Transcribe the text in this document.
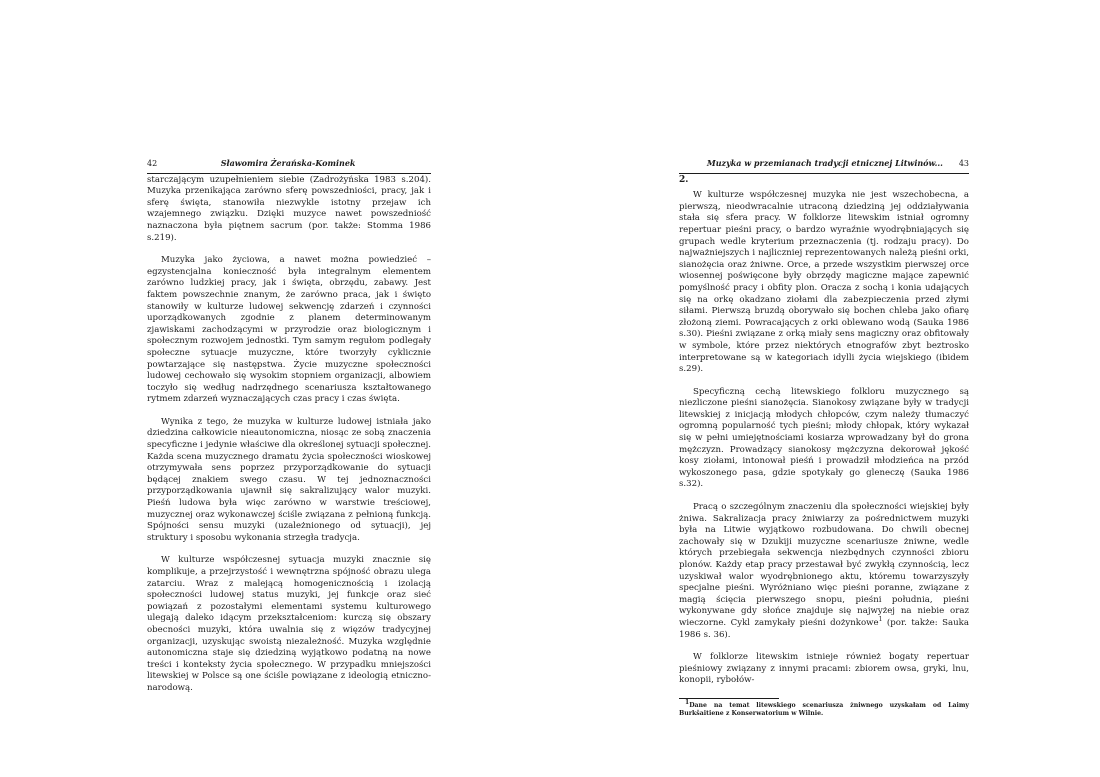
42	Sławomira Żerańska-Kominek

starczającym uzupełnieniem siebie (Zadrożyńska 1983 s.204). Muzyka przenikająca zarówno sferę powszedniości, pracy, jak i sferę święta, stanowiła niezwykle istotny przejaw ich wzajemnego związku. Dzięki muzyce nawet powszedniość naznaczona była piętnem sacrum (por. także: Stomma 1986 s.219).

Muzyka jako życiowa, a nawet można powiedzieć – egzystencjalna konieczność była integralnym elementem zarówno ludzkiej pracy, jak i święta, obrzędu, zabawy. Jest faktem powszechnie znanym, że zarówno praca, jak i święto stanowiły w kulturze ludowej sekwencję zdarzeń i czynności uporządkowanych zgodnie z planem determinowanym zjawiskami zachodzącymi w przyrodzie oraz biologicznym i społecznym rozwojem jednostki. Tym samym regułom podlegały społeczne sytuacje muzyczne, które tworzyły cyklicznie powtarzające się następstwa. Życie muzyczne społeczności ludowej cechowało się wysokim stopniem organizacji, albowiem toczyło się według nadrzędnego scenariusza kształtowanego rytmem zdarzeń wyznaczających czas pracy i czas święta.

Wynika z tego, że muzyka w kulturze ludowej istniała jako dziedzina całkowicie nieautonomiczna, niosąc ze sobą znaczenia specyficzne i jedynie właściwe dla określonej sytuacji społecznej. Każda scena muzycznego dramatu życia społeczności wioskowej otrzymywała sens poprzez przyporządkowanie do sytuacji będącej znakiem swego czasu. W tej jednoznaczności przyporządkowania ujawnił się sakralizujący walor muzyki. Pieśń ludowa była więc zarówno w warstwie treściowej, muzycznej oraz wykonawczej ściśle związana z pełnioną funkcją. Spójności sensu muzyki (uzależnionego od sytuacji), jej struktury i sposobu wykonania strzegła tradycja.

W kulturze współczesnej sytuacja muzyki znacznie się komplikuje, a przejrzystość i wewnętrzna spójność obrazu ulega zatarciu. Wraz z malejącą homogenicznością i izolacją społeczności ludowej status muzyki, jej funkcje oraz sieć powiązań z pozostałymi elementami systemu kulturowego ulegają daleko idącym przekształceniom: kurczą się obszary obecności muzyki, która uwalnia się z więzów tradycyjnej organizacji, uzyskując swoistą niezależność. Muzyka względnie autonomiczna staje się dziedziną wyjątkowo podatną na nowe treści i konteksty życia społecznego. W przypadku mniejszości litewskiej w Polsce są one ściśle powiązane z ideologią etniczno-narodową.

Muzyka w przemianach tradycji etnicznej Litwinów... 43
2.

W kulturze współczesnej muzyka nie jest wszechobecna, a pierwszą, nieodwracalnie utraconą dziedziną jej oddziaływania stała się sfera pracy. W folklorze litewskim istniał ogromny repertuar pieśni pracy, o bardzo wyraźnie wyodrębniających się grupach wedle kryterium przeznaczenia (tj. rodzaju pracy). Do najważniejszych i najliczniej reprezentowanych należą pieśni orki, sianożęcia oraz żniwne. Orce, a przede wszystkim pierwszej orce wiosennej poświęcone były obrzędy magiczne mające zapewnić pomyślność pracy i obfity plon. Oracza z sochą i konia udających się na orkę okadzano ziołami dla zabezpieczenia przed złymi siłami. Pierwszą bruzdą oborywało się bochen chleba jako ofiarę złożoną ziemi. Powracających z orki oblewano wodą (Sauka 1986 s.30). Pieśni związane z orką miały sens magiczny oraz obfitowały w symbole, które przez niektórych etnografów zbyt beztrosko interpretowane są w kategoriach idylli życia wiejskiego (ibidem s.29).

Specyficzną cechą litewskiego folkloru muzycznego są niezliczone pieśni sianożęcia. Sianokosy związane były w tradycji litewskiej z inicjacją młodych chłopców, czym należy tłumaczyć ogromną popularność tych pieśni; młody chłopak, który wykazał się w pełni umiejętnościami kosiarza wprowadzany był do grona mężczyzn. Prowadzący sianokosy mężczyzna dekorował jękość kosy ziołami, intonował pieśń i prowadził młodzieńca na przód wykoszonego pasa, gdzie spotykały go gleneczę (Sauka 1986 s.32).

Pracą o szczególnym znaczeniu dla społeczności wiejskiej były żniwa. Sakralizacja pracy żniwiarzy za pośrednictwem muzyki była na Litwie wyjątkowo rozbudowana. Do chwili obecnej zachowały się w Dzukiji muzyczne scenariusze żniwne, wedle których przebiegała sekwencja niezbędnych czynności zbioru plonów. Każdy etap pracy przestawał być zwykłą czynnością, lecz uzyskiwał walor wyodrębnionego aktu, któremu towarzyszyły specjalne pieśni. Wyróżniano więc pieśni poranne, związane z magią ścięcia pierwszego snopu, pieśni południa, pieśni wykonywane gdy słońce znajduje się najwyżej na niebie oraz wieczorne. Cykl zamykały pieśni dożynkowe$^1$ (por. także: Sauka 1986 s. 36).

W folklorze litewskim istnieje również bogaty repertuar pieśniowy związany z innymi pracami: zbiorem owsa, gryki, lnu, konopii, rybołów-

$^1$Dane na temat litewskiego scenariusza żniwnego uzyskałam od Laimy Burkšaitiene z Konserwatorium w Wilnie.
